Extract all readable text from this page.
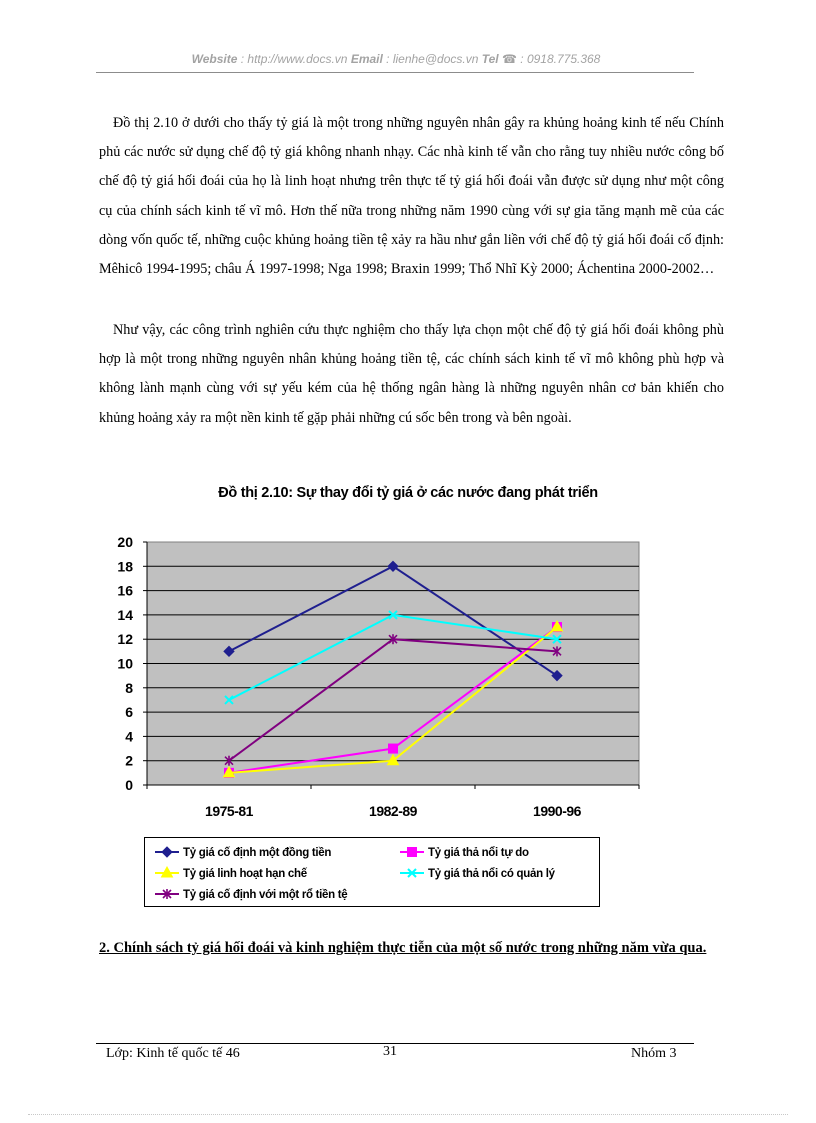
Website : http://www.docs.vn Email : lienhe@docs.vn Tel ☎ : 0918.775.368

Đồ thị 2.10 ở dưới cho thấy tỷ giá là một trong những nguyên nhân gây ra khủng hoảng kinh tế nếu Chính phủ các nước sử dụng chế độ tỷ giá không nhanh nhạy. Các nhà kinh tế vẫn cho rằng tuy nhiều nước công bố chế độ tỷ giá hối đoái của họ là linh hoạt nhưng trên thực tế tỷ giá hối đoái vẫn được sử dụng như một công cụ của chính sách kinh tế vĩ mô. Hơn thế nữa trong những năm 1990 cùng với sự gia tăng mạnh mẽ của các dòng vốn quốc tế, những cuộc khủng hoảng tiền tệ xảy ra hầu như gắn liền với chế độ tỷ giá hối đoái cố định: Mêhicô 1994-1995; châu Á 1997-1998; Nga 1998; Braxin 1999; Thổ Nhĩ Kỳ 2000; Áchentina 2000-2002…

Như vậy, các công trình nghiên cứu thực nghiệm cho thấy lựa chọn một chế độ tỷ giá hối đoái không phù hợp là một trong những nguyên nhân khủng hoảng tiền tệ, các chính sách kinh tế vĩ mô không phù hợp và không lành mạnh cùng với sự yếu kém của hệ thống ngân hàng là những nguyên nhân cơ bản khiến cho khủng hoảng xảy ra một nền kinh tế gặp phải những cú sốc bên trong và bên ngoài.

Đồ thị 2.10: Sự thay đổi tỷ giá ở các nước đang phát triển
0
2
4
6
8
10
12
14
16
18
20
1975-81	1982-89	1990-96
Tỷ giá cố định một đồng tiền	Tỷ giá thả nổi tự do
Tỷ giá linh hoạt hạn chế	Tỷ giá thả nổi có quản lý
Tỷ giá cố định với một rổ tiền tệ

2. Chính sách tỷ giá hối đoái và kinh nghiệm thực tiễn của một số nước trong những năm vừa qua.

Lớp: Kinh tế quốc tế 46	31	Nhóm 3
